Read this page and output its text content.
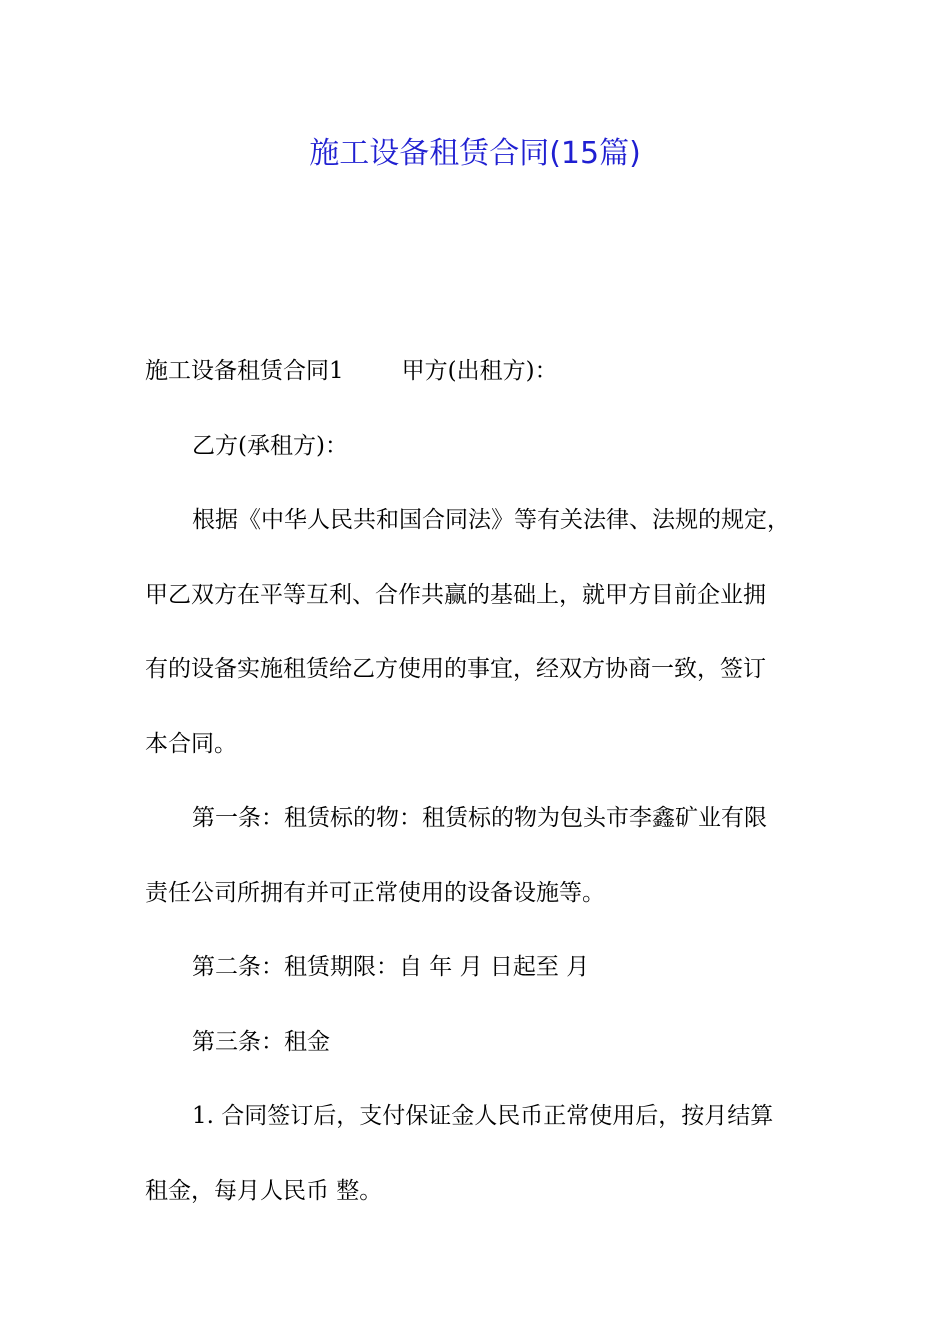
施工设备租赁合同(15篇)

施工设备租赁合同1	甲方(出租方)：

乙方(承租方)：

根据《中华人民共和国合同法》等有关法律、法规的规定，

甲乙双方在平等互利、合作共赢的基础上，就甲方目前企业拥

有的设备实施租赁给乙方使用的事宜，经双方协商一致，签订

本合同。

第一条：租赁标的物：租赁标的物为包头市李鑫矿业有限

责任公司所拥有并可正常使用的设备设施等。

第二条：租赁期限：自 年 月 日起至 月

第三条：租金

1. 合同签订后，支付保证金人民币正常使用后，按月结算

租金，每月人民币 整。
